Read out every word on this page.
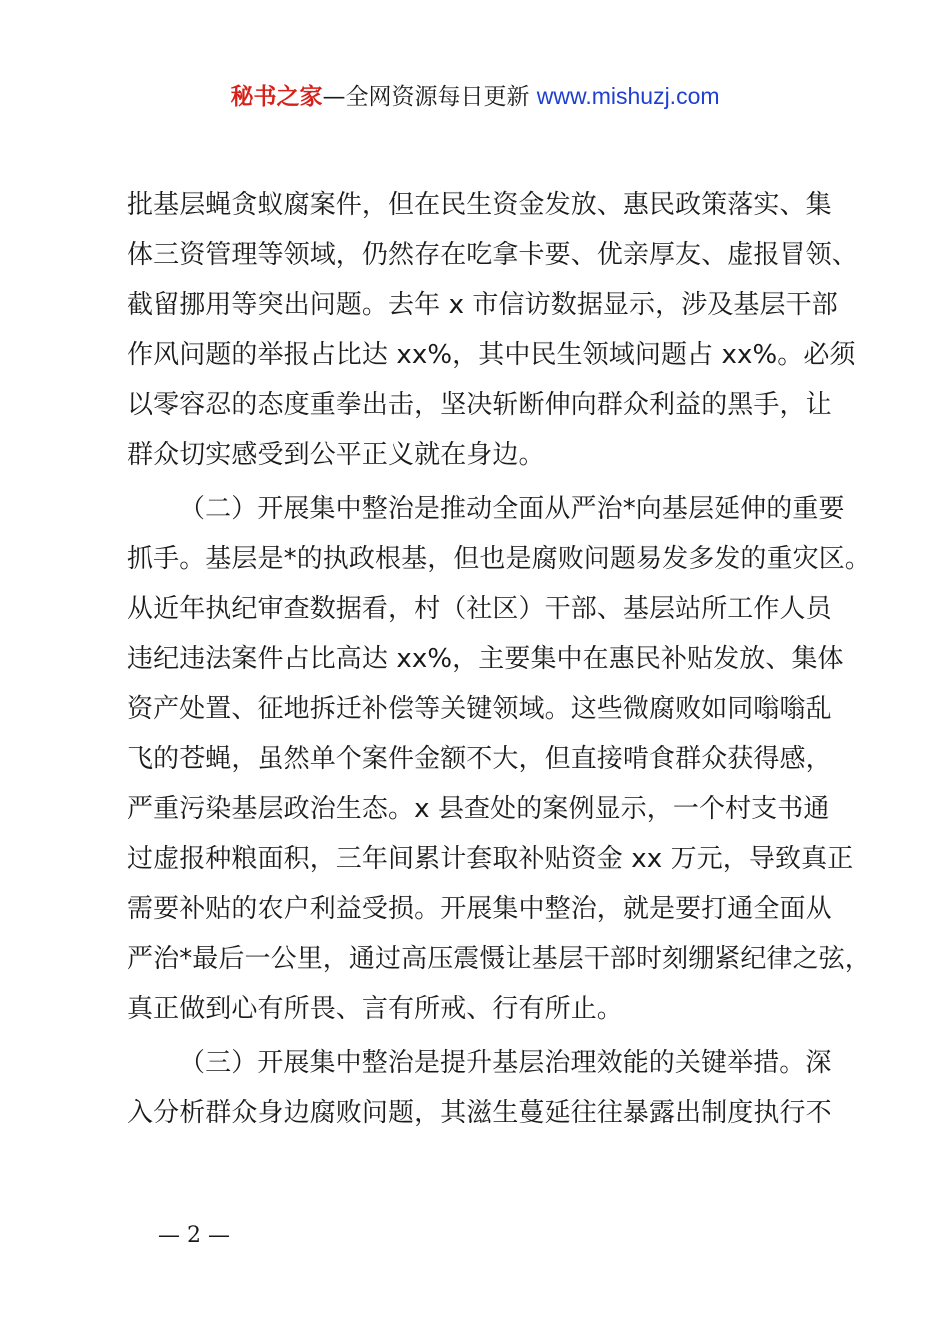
秘书之家—全网资源每日更新 www.mishuzj.com
批基层蝇贪蚁腐案件，但在民生资金发放、惠民政策落实、集
体三资管理等领域，仍然存在吃拿卡要、优亲厚友、虚报冒领、
截留挪用等突出问题。去年 x 市信访数据显示，涉及基层干部
作风问题的举报占比达 xx%，其中民生领域问题占 xx%。必须
以零容忍的态度重拳出击，坚决斩断伸向群众利益的黑手，让
群众切实感受到公平正义就在身边。
（二）开展集中整治是推动全面从严治*向基层延伸的重要
抓手。基层是*的执政根基，但也是腐败问题易发多发的重灾区。
从近年执纪审查数据看，村（社区）干部、基层站所工作人员
违纪违法案件占比高达 xx%，主要集中在惠民补贴发放、集体
资产处置、征地拆迁补偿等关键领域。这些微腐败如同嗡嗡乱
飞的苍蝇，虽然单个案件金额不大，但直接啃食群众获得感，
严重污染基层政治生态。x 县查处的案例显示，一个村支书通
过虚报种粮面积，三年间累计套取补贴资金 xx 万元，导致真正
需要补贴的农户利益受损。开展集中整治，就是要打通全面从
严治*最后一公里，通过高压震慑让基层干部时刻绷紧纪律之弦，
真正做到心有所畏、言有所戒、行有所止。
（三）开展集中整治是提升基层治理效能的关键举措。深
入分析群众身边腐败问题，其滋生蔓延往往暴露出制度执行不
— 2 —
